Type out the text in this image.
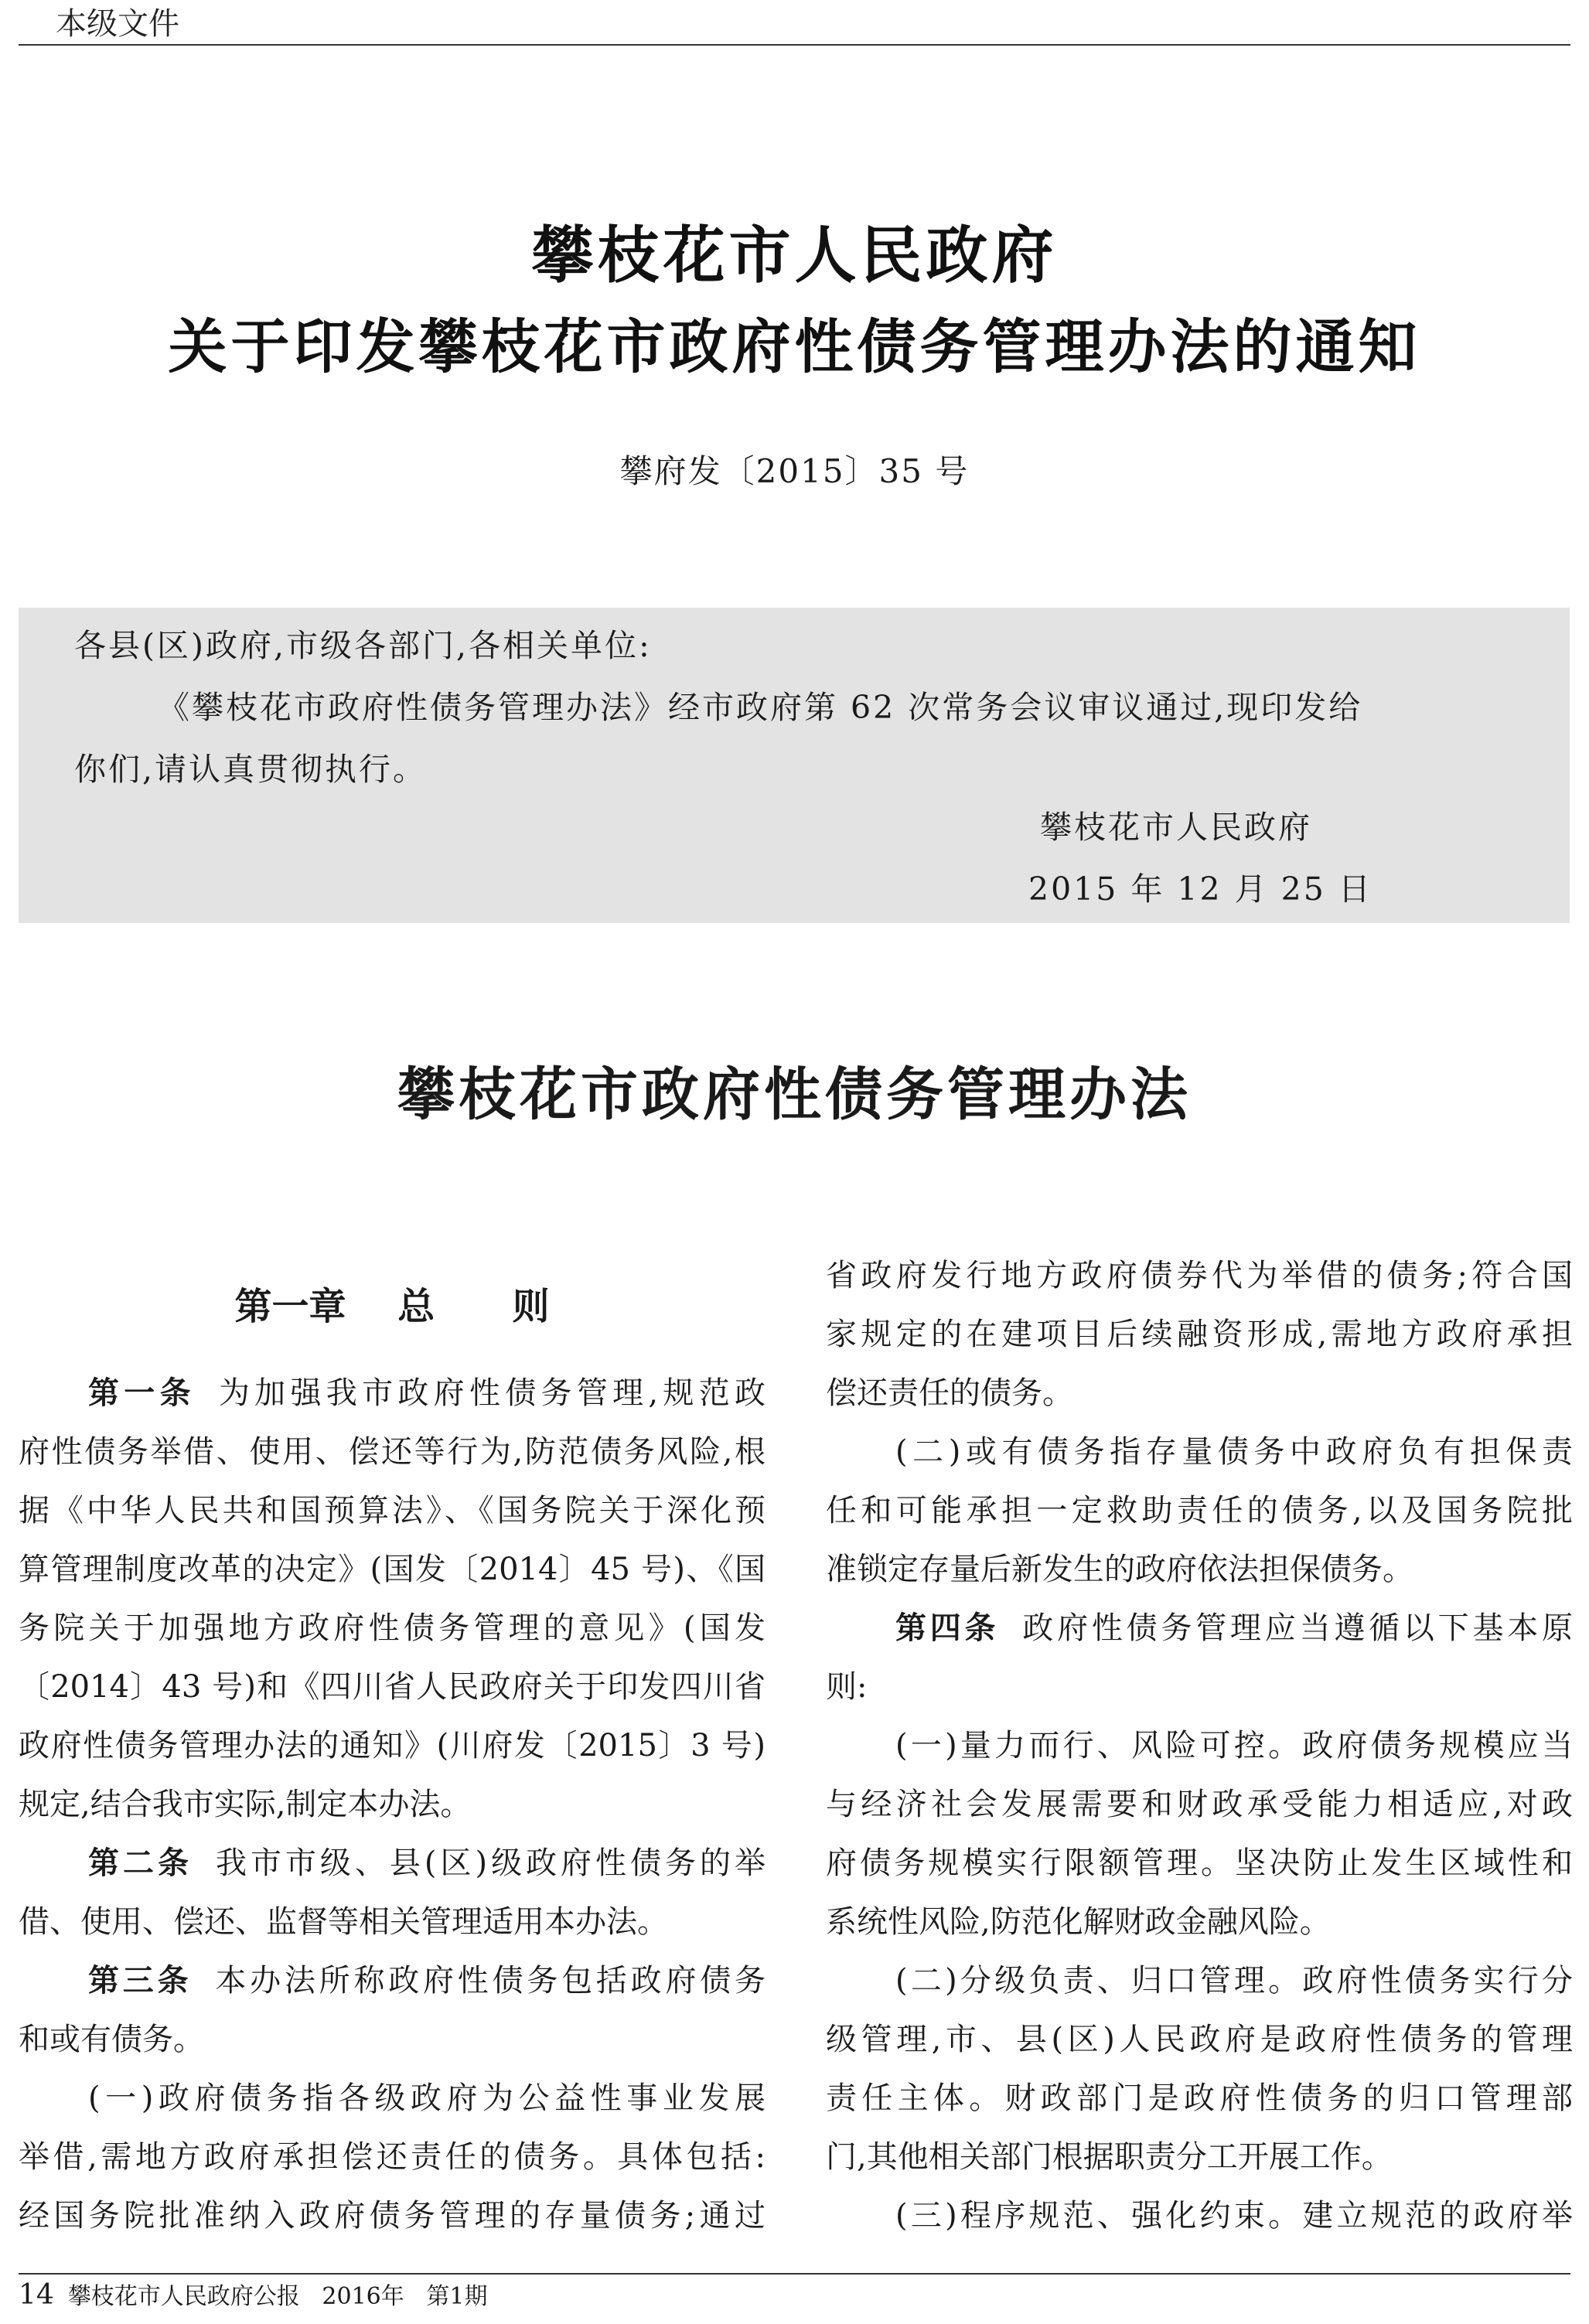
本级文件
攀枝花市人民政府
关于印发攀枝花市政府性债务管理办法的通知
攀府发〔2015〕35 号
各县(区)政府,市级各部门,各相关单位:
《攀枝花市政府性债务管理办法》经市政府第 62 次常务会议审议通过,现印发给
你们,请认真贯彻执行。
攀枝花市人民政府
2015 年 12 月 25 日
攀枝花市政府性债务管理办法
第一章    总      则
第一条 为加强我市政府性债务管理,规范政
府性债务举借、使用、偿还等行为,防范债务风险,根
据《中华人民共和国预算法》、《国务院关于深化预
算管理制度改革的决定》(国发〔2014〕45 号)、《国
务院关于加强地方政府性债务管理的意见》(国发
〔2014〕43 号)和《四川省人民政府关于印发四川省
政府性债务管理办法的通知》(川府发〔2015〕3 号)
规定,结合我市实际,制定本办法。
第二条 我市市级、县(区)级政府性债务的举
借、使用、偿还、监督等相关管理适用本办法。
第三条 本办法所称政府性债务包括政府债务
和或有债务。
(一)政府债务指各级政府为公益性事业发展
举借,需地方政府承担偿还责任的债务。具体包括:
经国务院批准纳入政府债务管理的存量债务;通过
省政府发行地方政府债券代为举借的债务;符合国
家规定的在建项目后续融资形成,需地方政府承担
偿还责任的债务。
(二)或有债务指存量债务中政府负有担保责
任和可能承担一定救助责任的债务,以及国务院批
准锁定存量后新发生的政府依法担保债务。
第四条 政府性债务管理应当遵循以下基本原
则:
(一)量力而行、风险可控。政府债务规模应当
与经济社会发展需要和财政承受能力相适应,对政
府债务规模实行限额管理。坚决防止发生区域性和
系统性风险,防范化解财政金融风险。
(二)分级负责、归口管理。政府性债务实行分
级管理,市、县(区)人民政府是政府性债务的管理
责任主体。财政部门是政府性债务的归口管理部
门,其他相关部门根据职责分工开展工作。
(三)程序规范、强化约束。建立规范的政府举
14 攀枝花市人民政府公报 2016年 第1期
